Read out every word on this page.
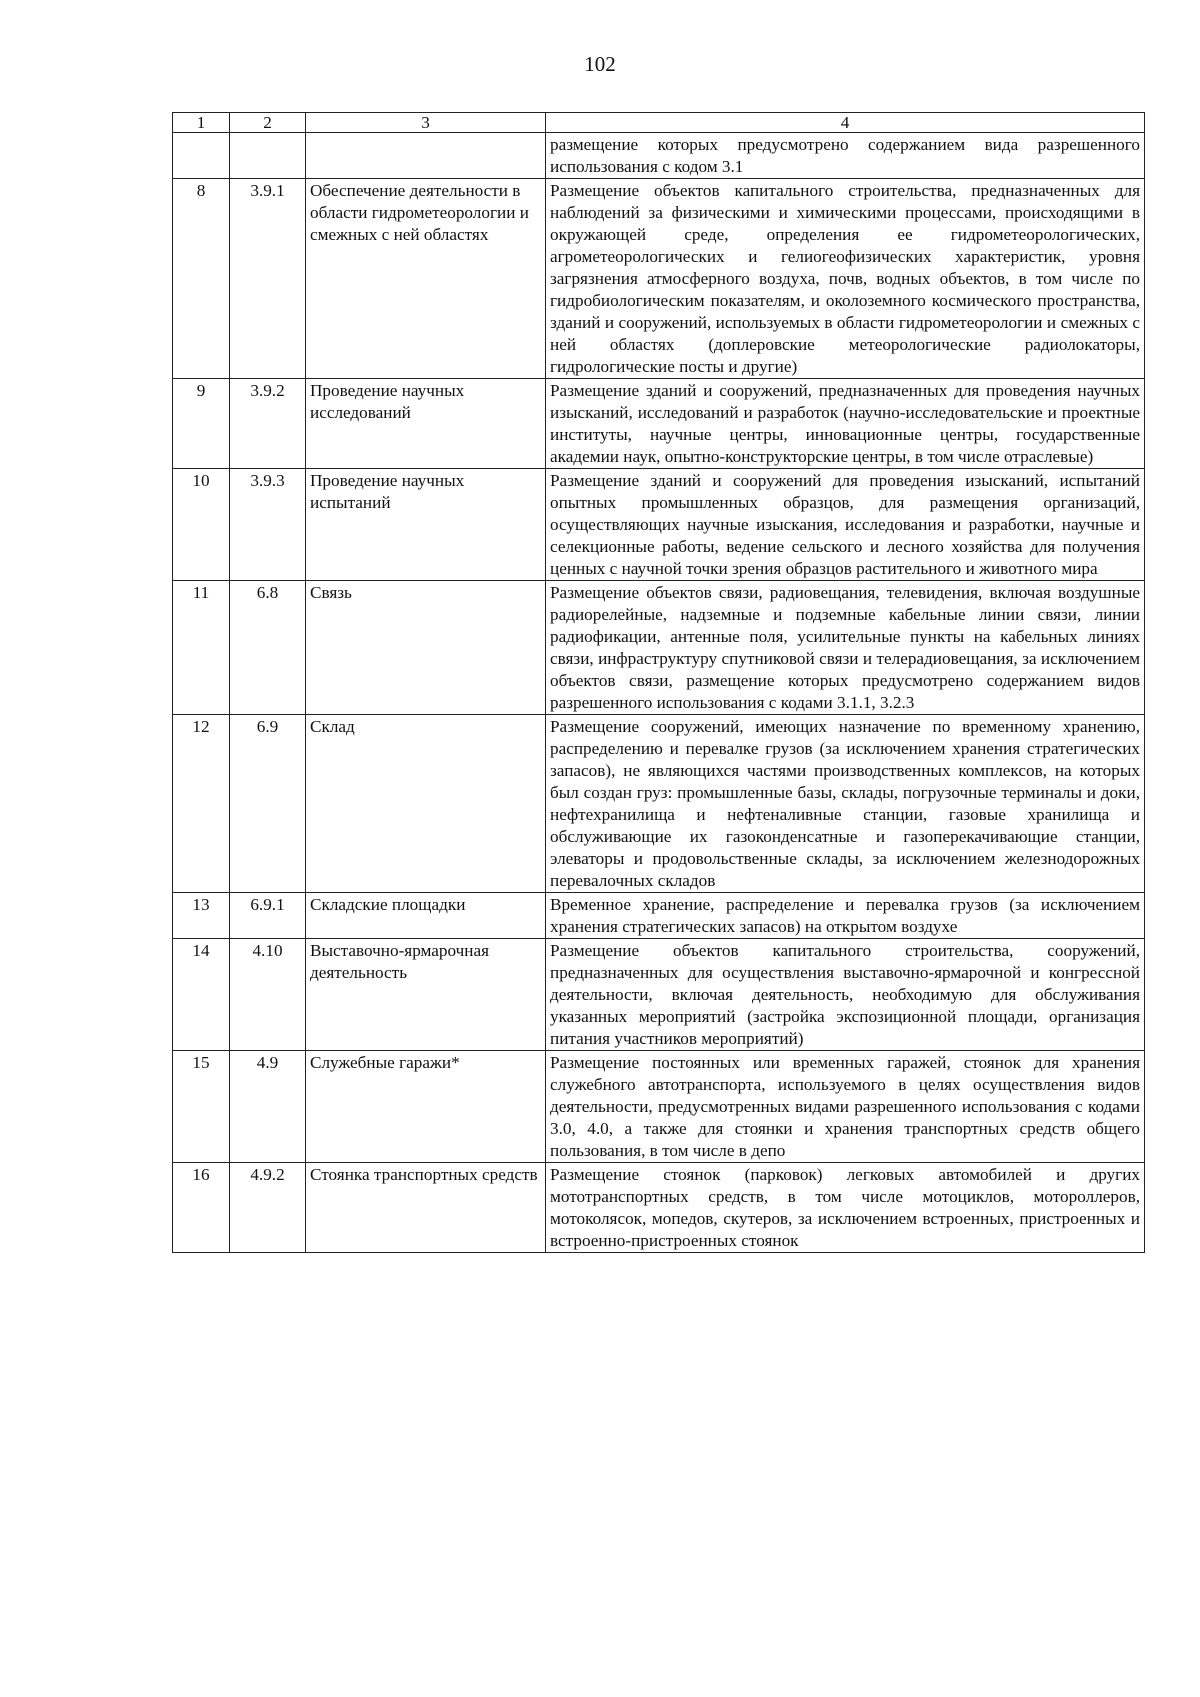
102
1	2	3	4
			размещение которых предусмотрено содержанием вида разрешенного использования с кодом 3.1
8	3.9.1	Обеспечение деятельности в области гидрометеорологии и смежных с ней областях	Размещение объектов капитального строительства, предназначенных для наблюдений за физическими и химическими процессами, происходящими в окружающей среде, определения ее гидрометеорологических, агрометеорологических и гелиогеофизических характеристик, уровня загрязнения атмосферного воздуха, почв, водных объектов, в том числе по гидробиологическим показателям, и околоземного космического пространства, зданий и сооружений, используемых в области гидрометеорологии и смежных с ней областях (доплеровские метеорологические радиолокаторы, гидрологические посты и другие)
9	3.9.2	Проведение научных исследований	Размещение зданий и сооружений, предназначенных для проведения научных изысканий, исследований и разработок (научно-исследовательские и проектные институты, научные центры, инновационные центры, государственные академии наук, опытно-конструкторские центры, в том числе отраслевые)
10	3.9.3	Проведение научных испытаний	Размещение зданий и сооружений для проведения изысканий, испытаний опытных промышленных образцов, для размещения организаций, осуществляющих научные изыскания, исследования и разработки, научные и селекционные работы, ведение сельского и лесного хозяйства для получения ценных с научной точки зрения образцов растительного и животного мира
11	6.8	Связь	Размещение объектов связи, радиовещания, телевидения, включая воздушные радиорелейные, надземные и подземные кабельные линии связи, линии радиофикации, антенные поля, усилительные пункты на кабельных линиях связи, инфраструктуру спутниковой связи и телерадиовещания, за исключением объектов связи, размещение которых предусмотрено содержанием видов разрешенного использования с кодами 3.1.1, 3.2.3
12	6.9	Склад	Размещение сооружений, имеющих назначение по временному хранению, распределению и перевалке грузов (за исключением хранения стратегических запасов), не являющихся частями производственных комплексов, на которых был создан груз: промышленные базы, склады, погрузочные терминалы и доки, нефтехранилища и нефтеналивные станции, газовые хранилища и обслуживающие их газоконденсатные и газоперекачивающие станции, элеваторы и продовольственные склады, за исключением железнодорожных перевалочных складов
13	6.9.1	Складские площадки	Временное хранение, распределение и перевалка грузов (за исключением хранения стратегических запасов) на открытом воздухе
14	4.10	Выставочно-ярмарочная деятельность	Размещение объектов капитального строительства, сооружений, предназначенных для осуществления выставочно-ярмарочной и конгрессной деятельности, включая деятельность, необходимую для обслуживания указанных мероприятий (застройка экспозиционной площади, организация питания участников мероприятий)
15	4.9	Служебные гаражи*	Размещение постоянных или временных гаражей, стоянок для хранения служебного автотранспорта, используемого в целях осуществления видов деятельности, предусмотренных видами разрешенного использования с кодами 3.0, 4.0, а также для стоянки и хранения транспортных средств общего пользования, в том числе в депо
16	4.9.2	Стоянка транспортных средств	Размещение стоянок (парковок) легковых автомобилей и других мототранспортных средств, в том числе мотоциклов, мотороллеров, мотоколясок, мопедов, скутеров, за исключением встроенных, пристроенных и встроенно-пристроенных стоянок
